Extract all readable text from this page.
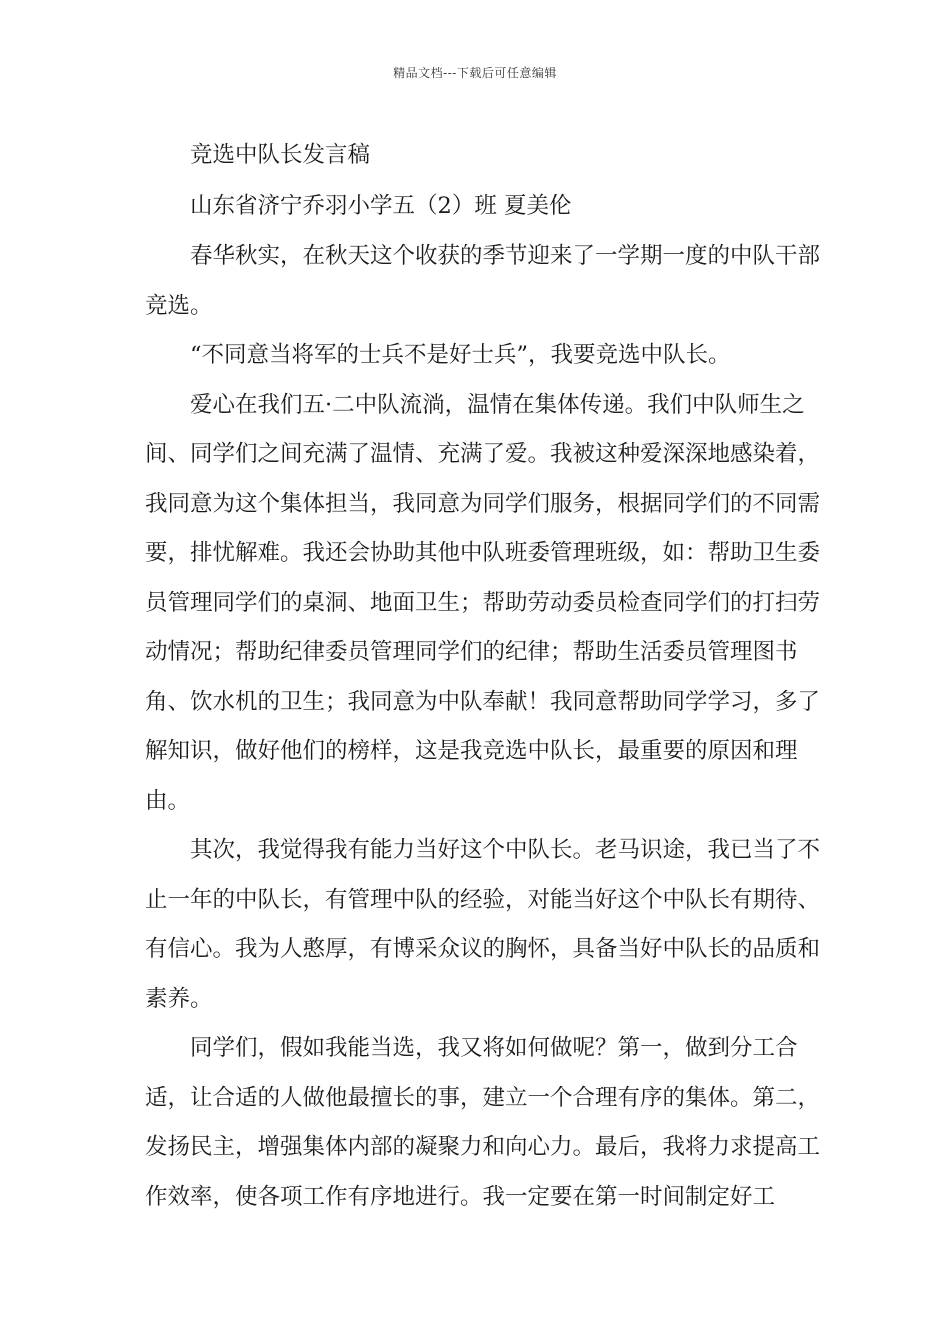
精品文档---下载后可任意编辑

竞选中队长发言稿

山东省济宁乔羽小学五（2）班 夏美伦

春华秋实，在秋天这个收获的季节迎来了一学期一度的中队干部竞选。

“不同意当将军的士兵不是好士兵”，我要竞选中队长。

爱心在我们五·二中队流淌，温情在集体传递。我们中队师生之间、同学们之间充满了温情、充满了爱。我被这种爱深深地感染着，我同意为这个集体担当，我同意为同学们服务，根据同学们的不同需要，排忧解难。我还会协助其他中队班委管理班级，如：帮助卫生委员管理同学们的桌洞、地面卫生；帮助劳动委员检查同学们的打扫劳动情况；帮助纪律委员管理同学们的纪律；帮助生活委员管理图书角、饮水机的卫生；我同意为中队奉献！我同意帮助同学学习，多了解知识，做好他们的榜样，这是我竞选中队长，最重要的原因和理由。

其次，我觉得我有能力当好这个中队长。老马识途，我已当了不止一年的中队长，有管理中队的经验，对能当好这个中队长有期待、有信心。我为人憨厚，有博采众议的胸怀，具备当好中队长的品质和素养。

同学们，假如我能当选，我又将如何做呢？第一，做到分工合适，让合适的人做他最擅长的事，建立一个合理有序的集体。第二，发扬民主，增强集体内部的凝聚力和向心力。最后，我将力求提高工作效率，使各项工作有序地进行。我一定要在第一时间制定好工
